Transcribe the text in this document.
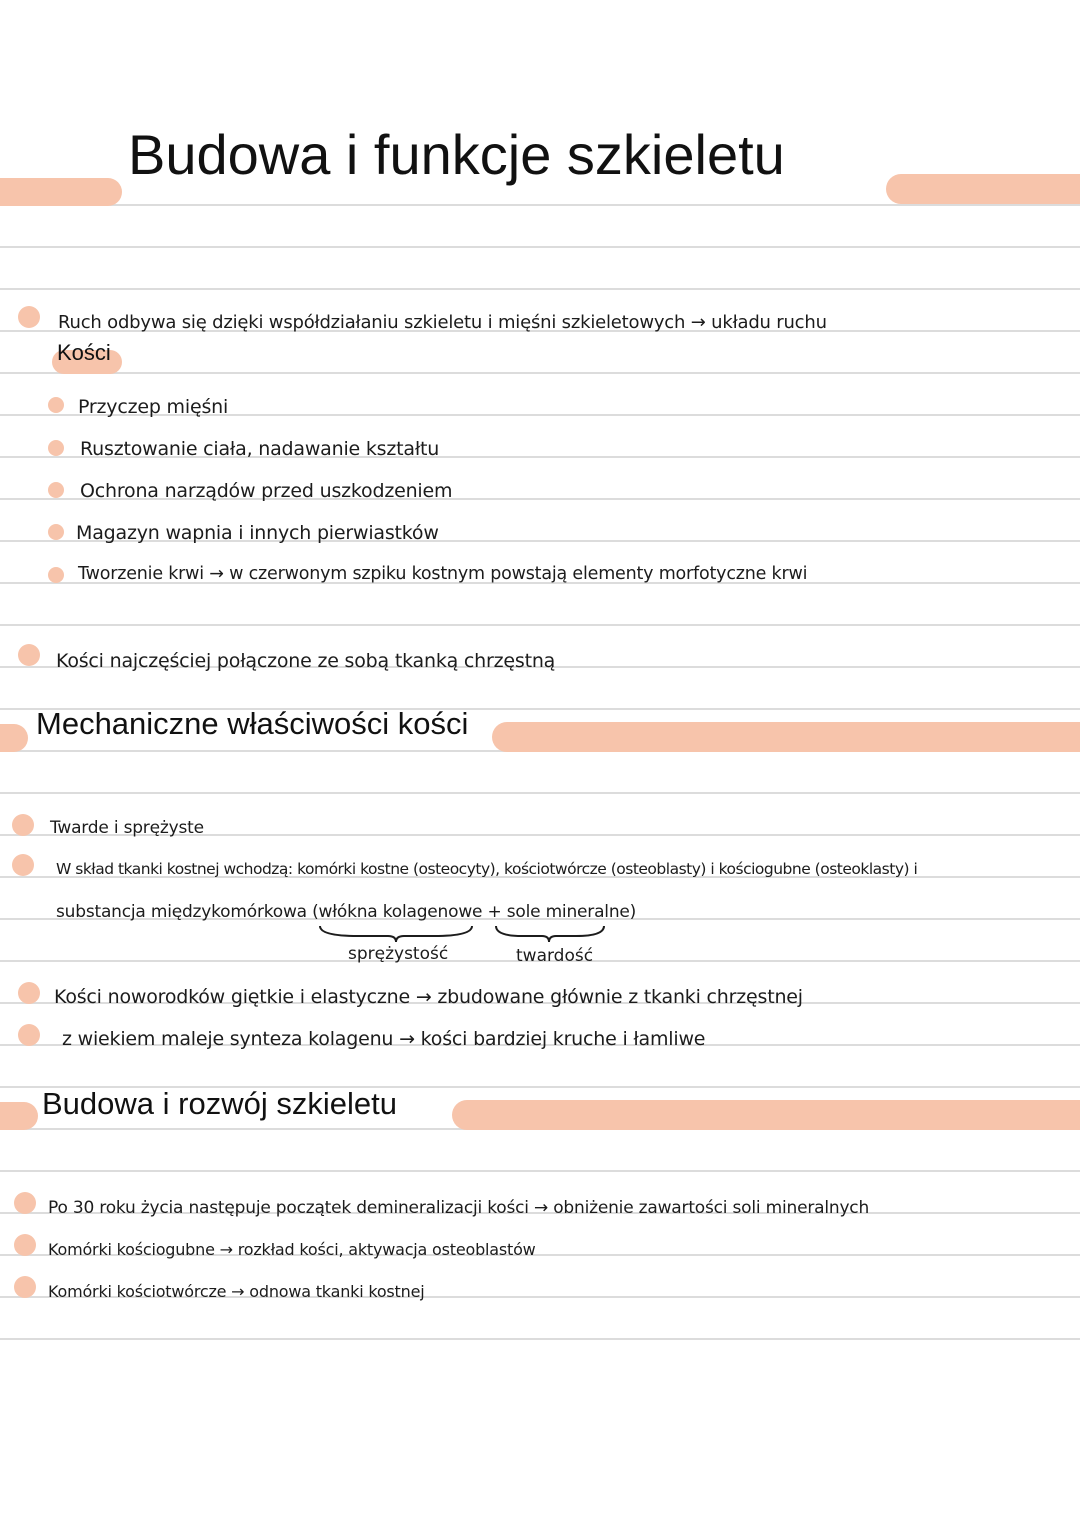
Budowa i funkcje szkieletu
Ruch odbywa się dzięki współdziałaniu szkieletu i mięśni szkieletowych → układu ruchu
Kości
Przyczep mięśni
Rusztowanie ciała, nadawanie kształtu
Ochrona narządów przed uszkodzeniem
Magazyn wapnia i innych pierwiastków
Tworzenie krwi → w czerwonym szpiku kostnym powstają elementy morfotyczne krwi
Kości najczęściej połączone ze sobą tkanką chrzęstną
Mechaniczne właściwości kości
Twarde i sprężyste
W skład tkanki kostnej wchodzą: komórki kostne (osteocyty), kościotwórcze (osteoblasty) i kościogubne (osteoklasty) i
substancja międzykomórkowa (włókna kolagenowe + sole mineralne)
sprężystość	twardość
Kości noworodków giętkie i elastyczne → zbudowane głównie z tkanki chrzęstnej
z wiekiem maleje synteza kolagenu → kości bardziej kruche i łamliwe
Budowa i rozwój szkieletu
Po 30 roku życia następuje początek demineralizacji kości → obniżenie zawartości soli mineralnych
Komórki kościogubne → rozkład kości, aktywacja osteoblastów
Komórki kościotwórcze → odnowa tkanki kostnej
